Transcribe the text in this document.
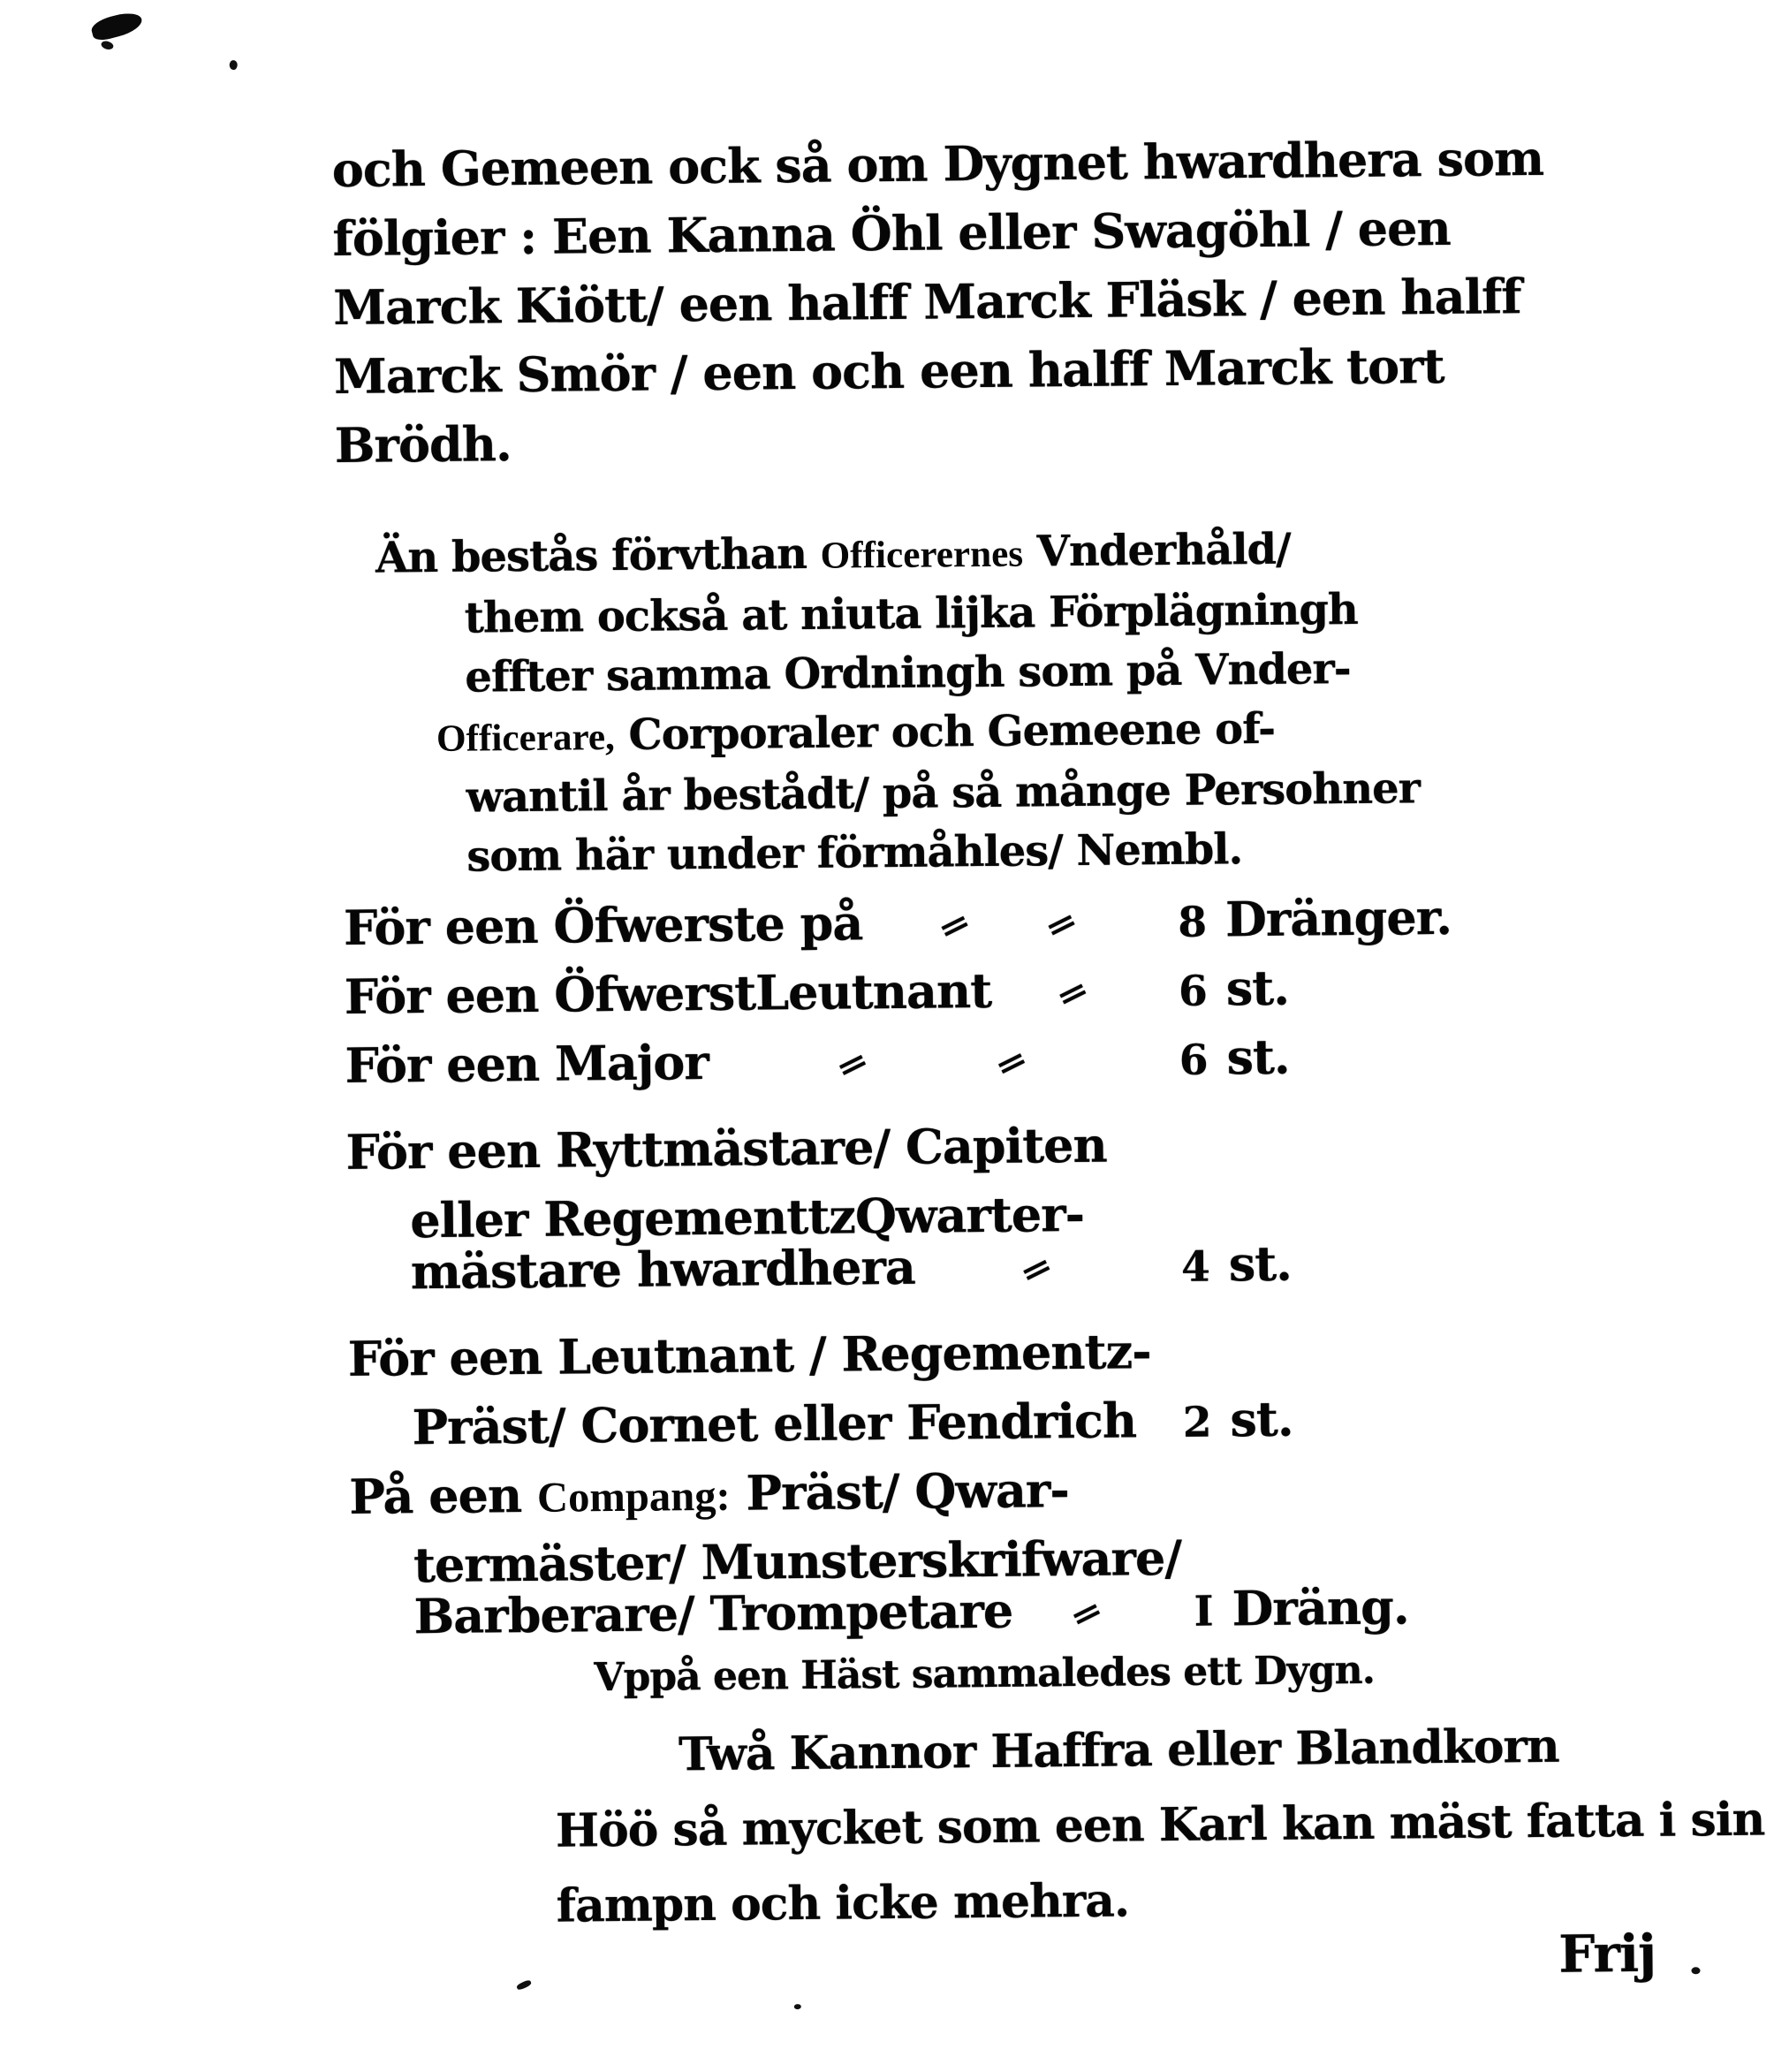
och Gemeen ock så om Dygnet hwardhera som
fölgier : Een Kanna Öhl eller Swagöhl / een
Marck Kiött/ een halff Marck Fläsk / een halff
Marck Smör / een och een halff Marck tort
Brödh.
Än bestås förvthan Officerernes Vnderhåld/
them också at niuta lijka Förplägningh
effter samma Ordningh som på Vnder-
Officerare, Corporaler och Gemeene of-
wantil år bestådt/ på så månge Persohner
som här under förmåhles/ Nembl.
För een Öfwerste på = =	8 Dränger.
För een ÖfwerstLeutnant =	6 st.
För een Major	=	=	6 st.
För een Ryttmästare/ Capiten
eller RegementtzQwarter-
mästare hwardhera	=	4 st.
För een Leutnant / Regementz-
Präst/ Cornet eller Fendrich	2 st.
På een Compang: Präst/ Qwar-
termäster/ Munsterskrifware/
Barberare/ Trompetare =	I Dräng.
Vppå een Häst sammaledes ett Dygn.
Twå Kannor Haffra eller Blandkorn
Höö så mycket som een Karl kan mäst fatta i sin
fampn och icke mehra.
Frij
